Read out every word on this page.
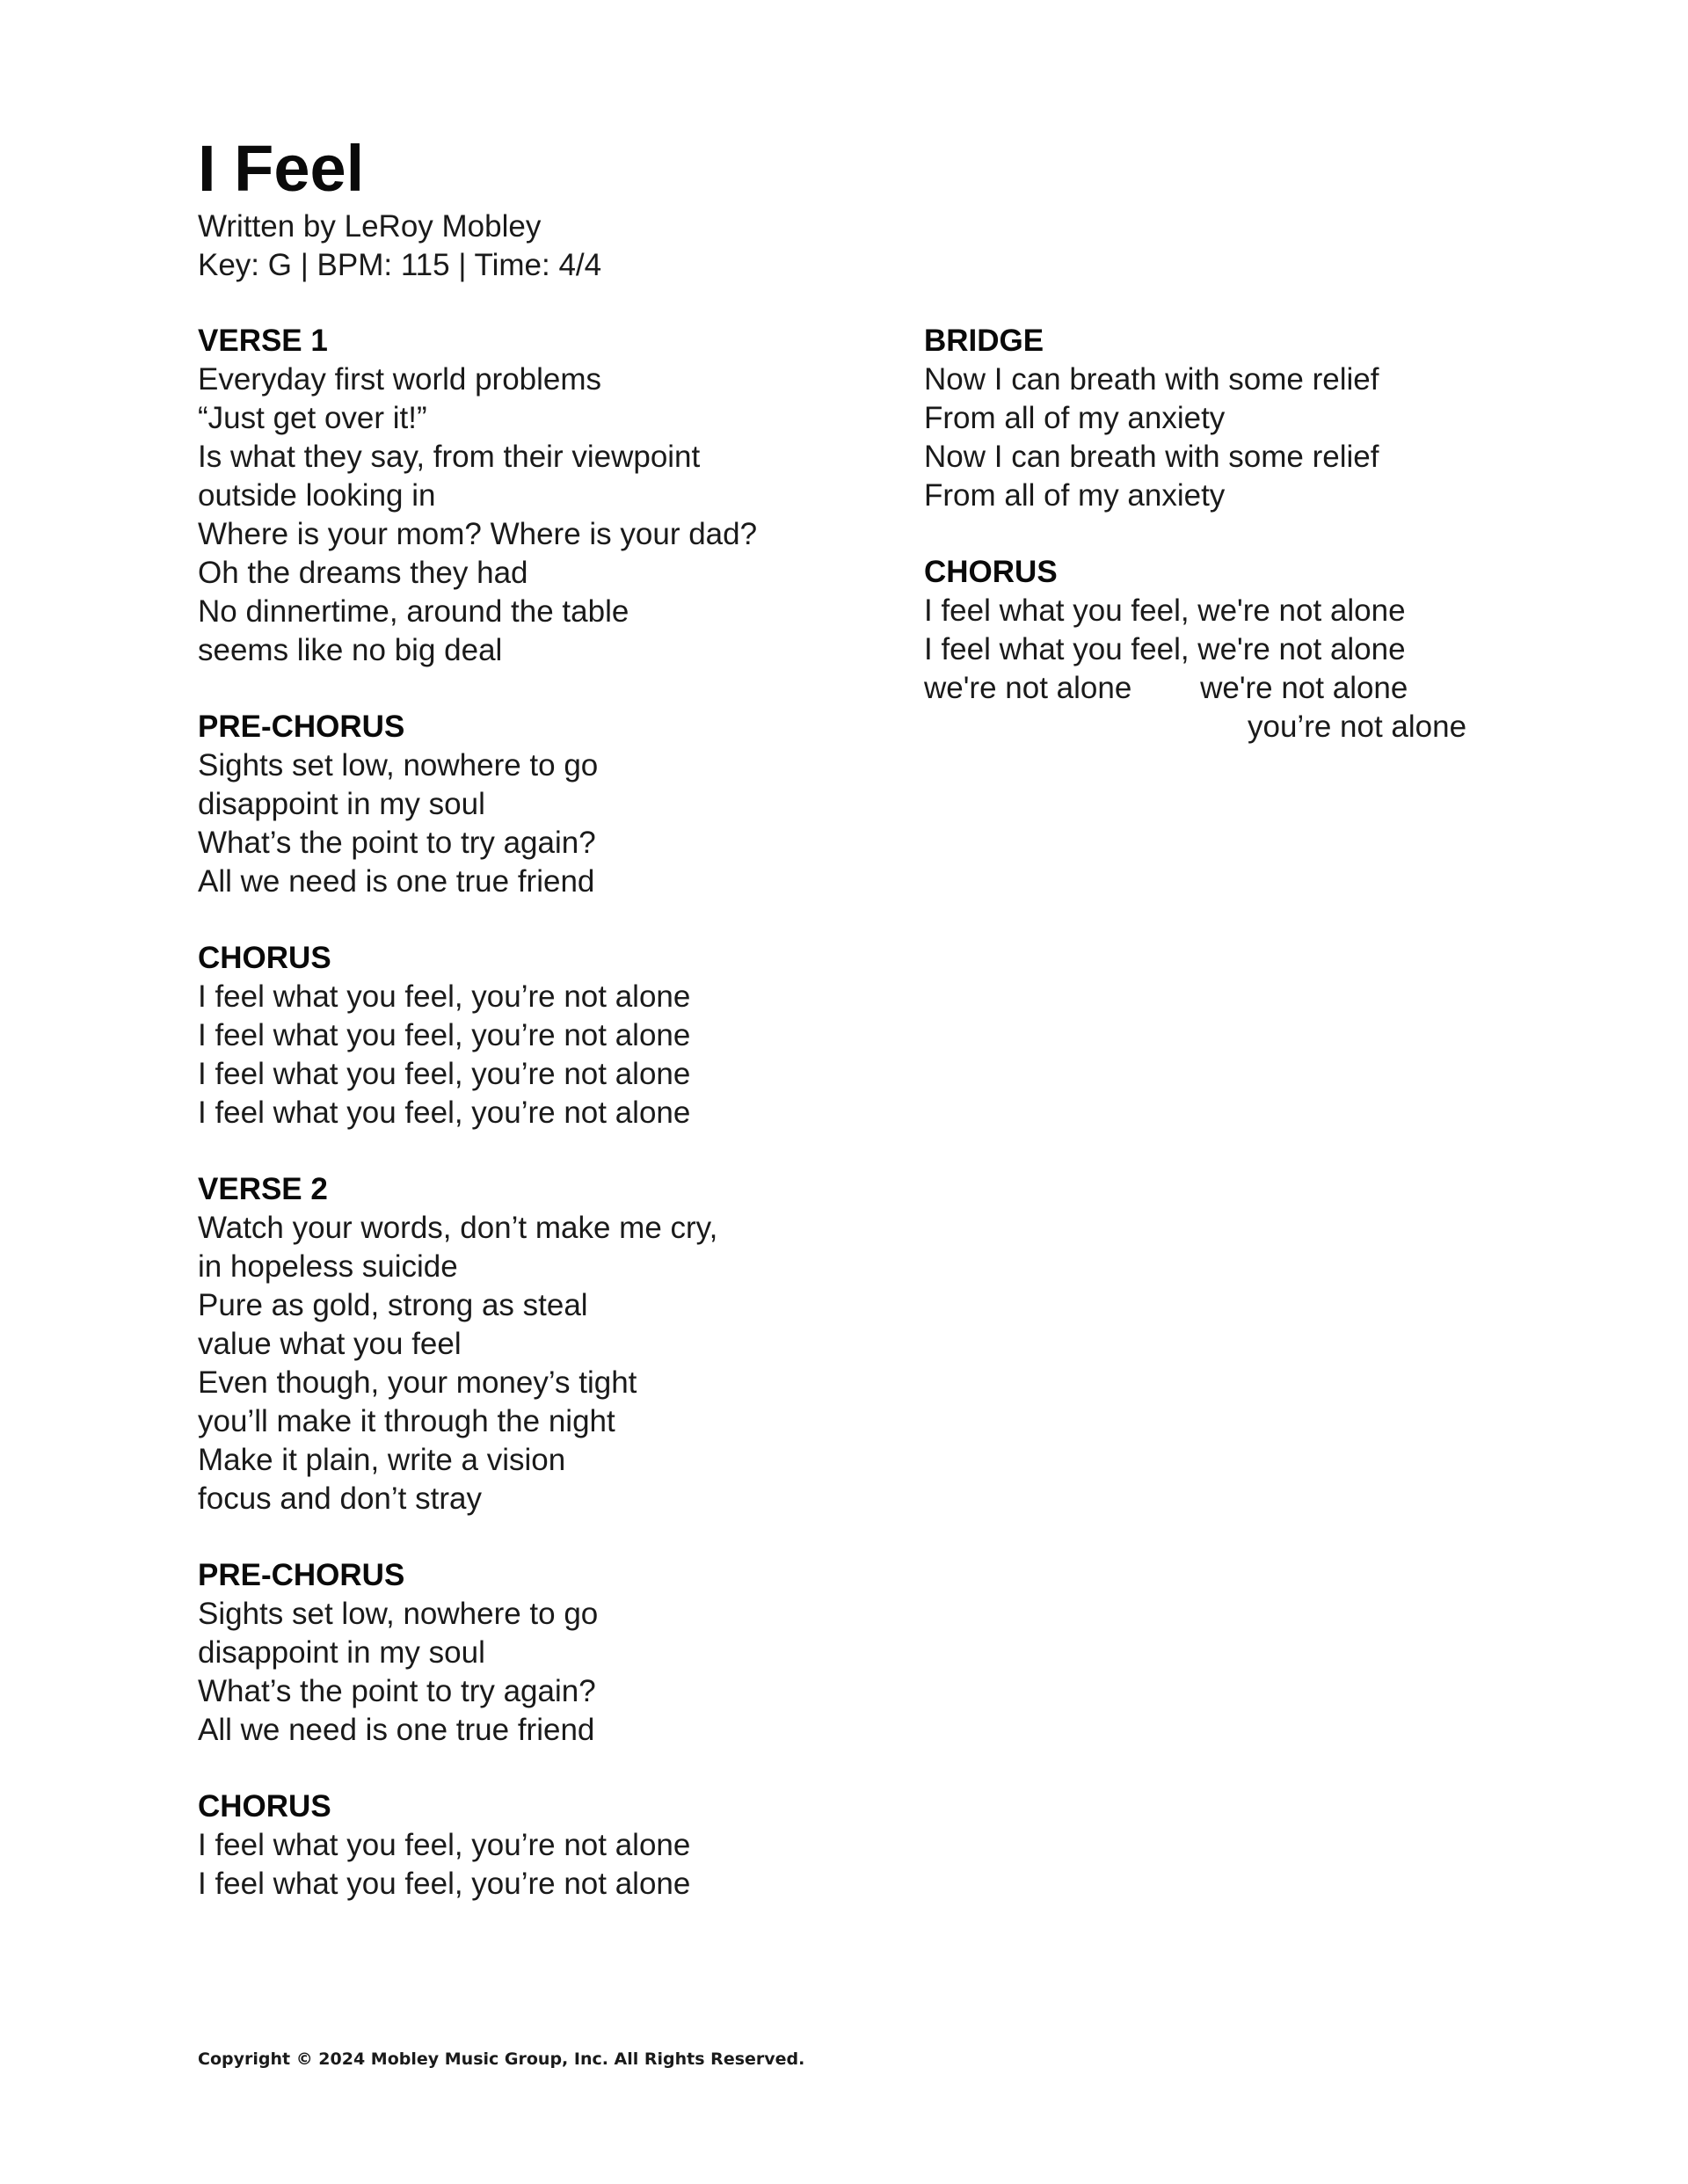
I Feel

Written by LeRoy Mobley

Key: G | BPM: 115 | Time: 4/4

VERSE 1

Everyday first world problems

“Just get over it!”

Is what they say, from their viewpoint

outside looking in

Where is your mom? Where is your dad?

Oh the dreams they had

No dinnertime, around the table

seems like no big deal

PRE-CHORUS

Sights set low, nowhere to go

disappoint in my soul

What’s the point to try again?

All we need is one true friend

CHORUS

I feel what you feel, you’re not alone

I feel what you feel, you’re not alone

I feel what you feel, you’re not alone

I feel what you feel, you’re not alone

VERSE 2

Watch your words, don’t make me cry,

in hopeless suicide

Pure as gold, strong as steal

value what you feel

Even though, your money’s tight

you’ll make it through the night

Make it plain, write a vision

focus and don’t stray

PRE-CHORUS

Sights set low, nowhere to go

disappoint in my soul

What’s the point to try again?

All we need is one true friend

CHORUS

I feel what you feel, you’re not alone

I feel what you feel, you’re not alone

BRIDGE

Now I can breath with some relief

From all of my anxiety

Now I can breath with some relief

From all of my anxiety

CHORUS

I feel what you feel, we're not alone

I feel what you feel, we're not alone

we're not alone        we're not alone

you’re not alone

Copyright © 2024 Mobley Music Group, Inc. All Rights Reserved.
